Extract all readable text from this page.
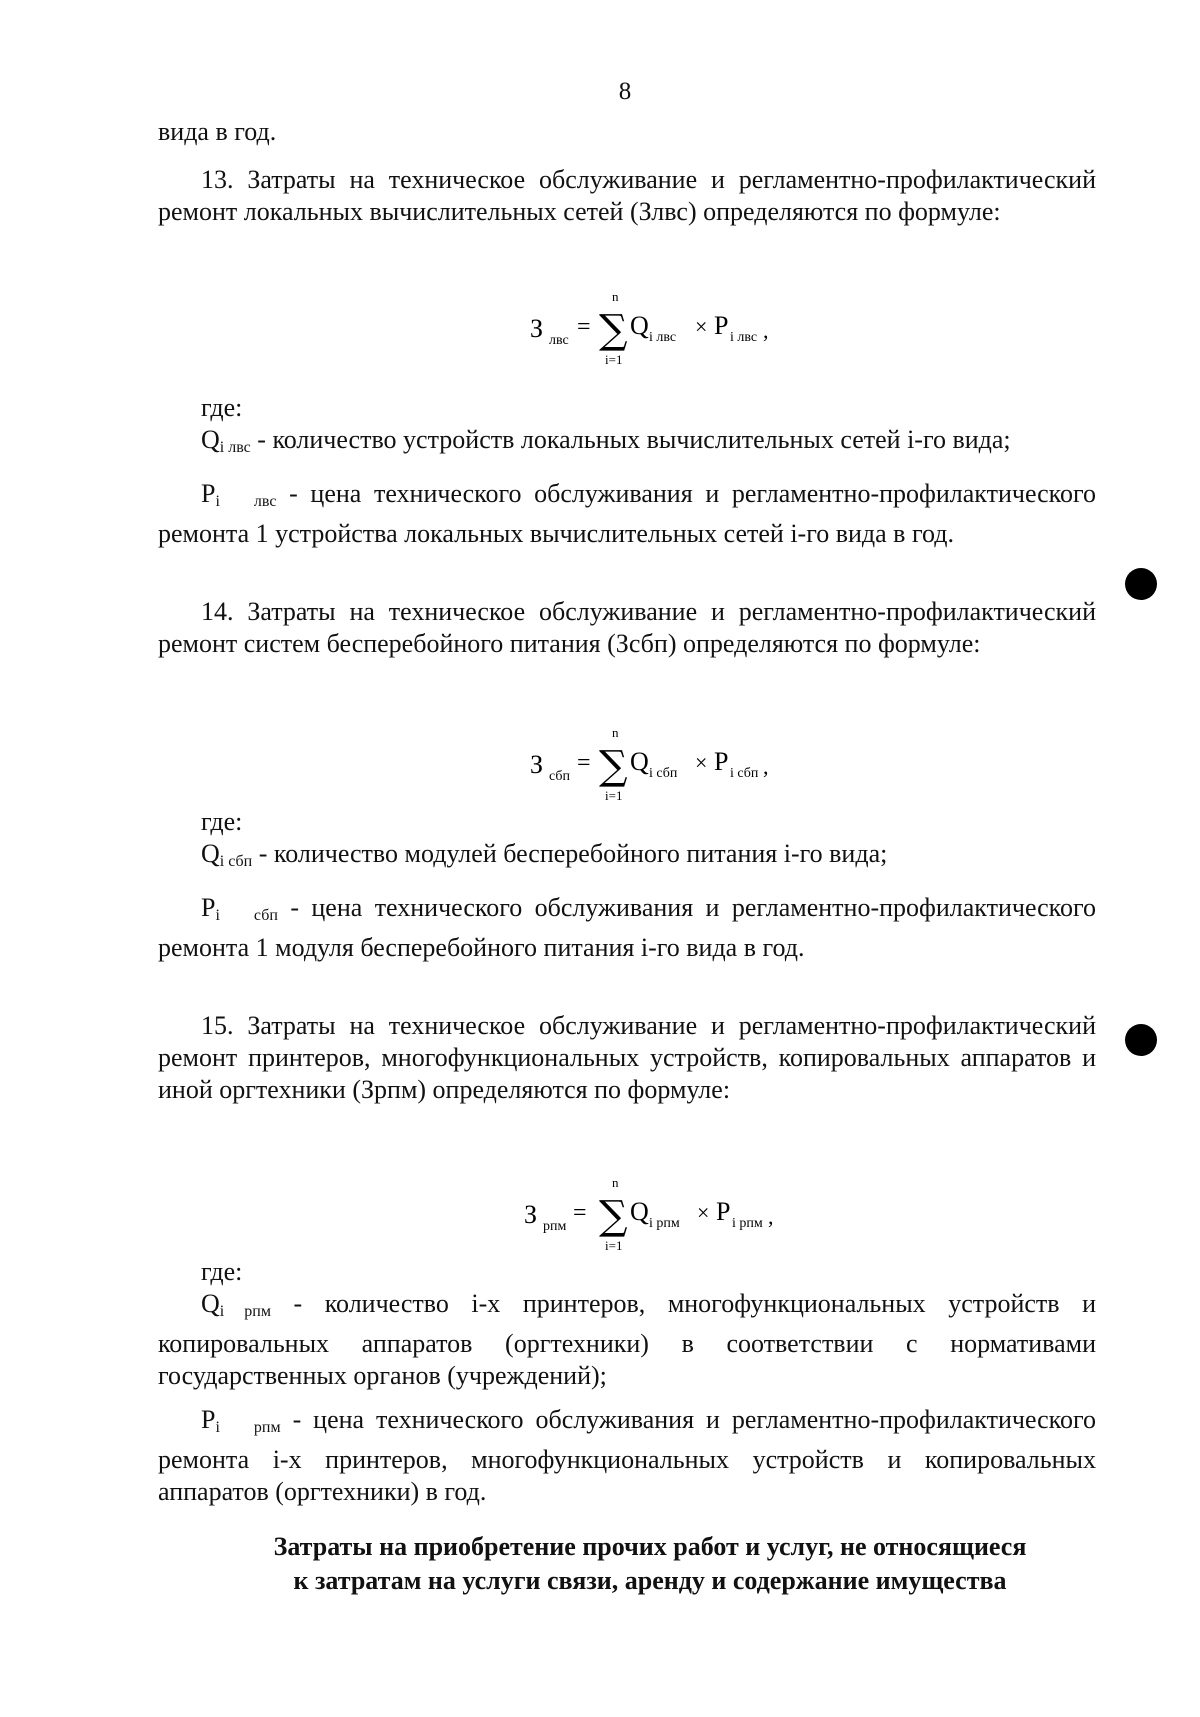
8
вида в год.
13. Затраты на техническое обслуживание и регламентно-профилактический ремонт локальных вычислительных сетей (Злвс) определяются по формуле:
З лвс
=
n
∑
i=1
Q i лвс × P i лвс ,
где:
$Q_{i лвс}$ - количество устройств локальных вычислительных сетей i-го вида;
Pi $_{лвс}$ - цена технического обслуживания и регламентно-профилактического ремонта 1 устройства локальных вычислительных сетей i-го вида в год.
14. Затраты на техническое обслуживание и регламентно-профилактический ремонт систем бесперебойного питания (Зсбп) определяются по формуле:
З сбп
=
n
∑
i=1
Q i сбп × P i сбп ,
где:
$Q_{i сбп}$ - количество модулей бесперебойного питания i-го вида;
Pi $_{сбп}$ - цена технического обслуживания и регламентно-профилактического ремонта 1 модуля бесперебойного питания i-го вида в год.
15. Затраты на техническое обслуживание и регламентно-профилактический ремонт принтеров, многофункциональных устройств, копировальных аппаратов и иной оргтехники (Зрпм) определяются по формуле:
З рпм
=
n
∑
i=1
Q i рпм × P i рпм ,
где:
$Q_{i рпм}$ - количество i-х принтеров, многофункциональных устройств и копировальных аппаратов (оргтехники) в соответствии с нормативами государственных органов (учреждений);
Pi $_{рпм}$ - цена технического обслуживания и регламентно-профилактического ремонта i-х принтеров, многофункциональных устройств и копировальных аппаратов (оргтехники) в год.
Затраты на приобретение прочих работ и услуг, не относящиеся
к затратам на услуги связи, аренду и содержание имущества
